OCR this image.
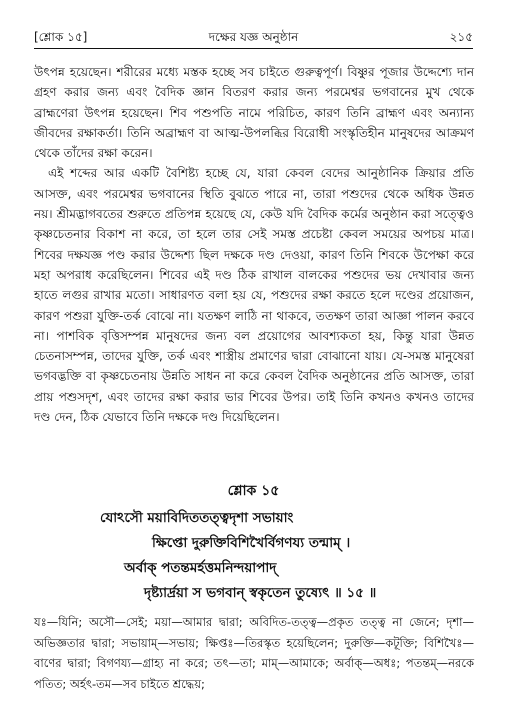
[শ্লোক ১৫]	দক্ষের যজ্ঞ অনুষ্ঠান	২১৫

উৎপন্ন হয়েছেন। শরীরের মধ্যে মস্তক হচ্ছে সব চাইতে গুরুত্বপূর্ণ। বিষ্ণুর পূজার উদ্দেশ্যে দান গ্রহণ করার জন্য এবং বৈদিক জ্ঞান বিতরণ করার জন্য পরমেশ্বর ভগবানের মুখ থেকে ব্রাহ্মণেরা উৎপন্ন হয়েছেন। শিব পশুপতি নামে পরিচিত, কারণ তিনি ব্রাহ্মণ এবং অন্যান্য জীবদের রক্ষাকর্তা। তিনি অব্রাহ্মণ বা আত্ম-উপলব্ধির বিরোধী সংস্কৃতিহীন মানুষদের আক্রমণ থেকে তাঁদের রক্ষা করেন।

এই শব্দের আর একটি বৈশিষ্ট্য হচ্ছে যে, যারা কেবল বেদের আনুষ্ঠানিক ক্রিয়ার প্রতি আসক্ত, এবং পরমেশ্বর ভগবানের স্থিতি বুঝতে পারে না, তারা পশুদের থেকে অধিক উন্নত নয়। শ্রীমদ্ভাগবতের শুরুতে প্রতিপন্ন হয়েছে যে, কেউ যদি বৈদিক কর্মের অনুষ্ঠান করা সত্ত্বেও কৃষ্ণচেতনার বিকাশ না করে, তা হলে তার সেই সমস্ত প্রচেষ্টা কেবল সময়ের অপচয় মাত্র। শিবের দক্ষযজ্ঞ পণ্ড করার উদ্দেশ্য ছিল দক্ষকে দণ্ড দেওয়া, কারণ তিনি শিবকে উপেক্ষা করে মহা অপরাধ করেছিলেন। শিবের এই দণ্ড ঠিক রাখাল বালকের পশুদের ভয় দেখাবার জন্য হাতে লগুর রাখার মতো। সাধারণত বলা হয় যে, পশুদের রক্ষা করতে হলে দণ্ডের প্রয়োজন, কারণ পশুরা যুক্তি-তর্ক বোঝে না। যতক্ষণ লাঠি না থাকবে, ততক্ষণ তারা আজ্ঞা পালন করবে না। পাশবিক বৃত্তিসম্পন্ন মানুষদের জন্য বল প্রয়োগের আবশ্যকতা হয়, কিন্তু যারা উন্নত চেতনাসম্পন্ন, তাদের যুক্তি, তর্ক এবং শাস্ত্রীয় প্রমাণের দ্বারা বোঝানো যায়। যে-সমস্ত মানুষেরা ভগবদ্ভক্তি বা কৃষ্ণচেতনায় উন্নতি সাধন না করে কেবল বৈদিক অনুষ্ঠানের প্রতি আসক্ত, তারা প্রায় পশুসদৃশ, এবং তাদের রক্ষা করার ভার শিবের উপর। তাই তিনি কখনও কখনও তাদের দণ্ড দেন, ঠিক যেভাবে তিনি দক্ষকে দণ্ড দিয়েছিলেন।

শ্লোক ১৫
যোঽসৌ ময়াবিদিততত্ত্বদৃশা সভায়াং
ক্ষিপ্তো দুরুক্তিবিশিখৈর্বিগণয্য তন্মাম্ ।
অর্বাক্ পতন্তমর্হত্তমনিন্দয়াপাদ্
দৃষ্ট্যার্দ্রয়া স ভগবান্ স্বকৃতেন তুষ্যেৎ ॥ ১৫ ॥
যঃ—যিনি; অসৌ—সেই; ময়া—আমার দ্বারা; অবিদিত-তত্ত্ব—প্রকৃত তত্ত্ব না জেনে; দৃশা—অভিজ্ঞতার দ্বারা; সভায়াম্—সভায়; ক্ষিপ্তঃ—তিরস্কৃত হয়েছিলেন; দুরুক্তি—কটূক্তি; বিশিখৈঃ—বাণের দ্বারা; বিগণয্য—গ্রাহ্য না করে; তৎ—তা; মাম্—আমাকে; অর্বাক্—অধঃ; পতন্তম্—নরকে পতিত; অর্হৎ-তম—সব চাইতে শ্রদ্ধেয়;
